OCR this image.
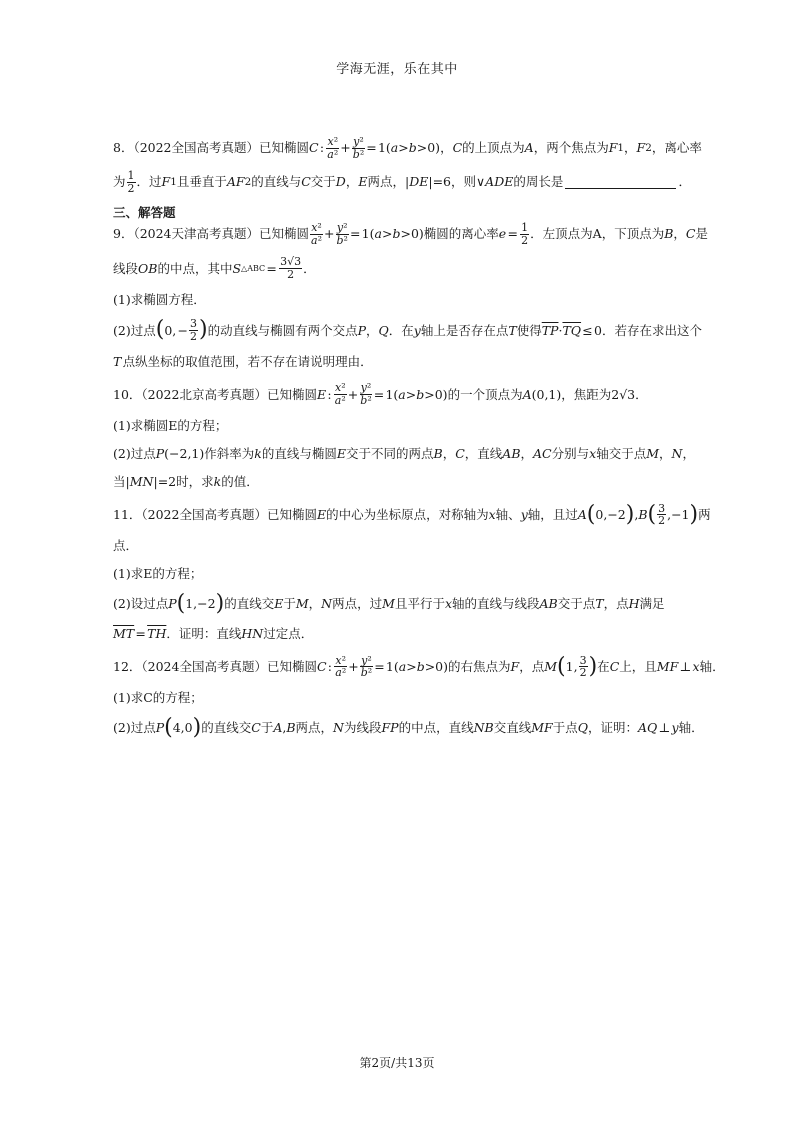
学海无涯，乐在其中
8．（2022全国高考真题）已知椭圆 C  :  $\frac{\text{x²}}{\text{a²}} + \frac{\text{y²}}{\text{b²}}$ = 1( a > b >0) ， C 的上顶点为 A ，两个焦点为 F 1 ， F 2 ，离心率
为 $\frac{1}{2}$ ．过 F 1 且垂直于 AF 2 的直线与 C 交于 D ， E 两点， | DE |=6 ，则 ∨ ADE 的周长是	．
三、解答题
9．（2024天津高考真题）已知椭圆 $\frac{\text{x²}}{\text{a²}} + \frac{\text{y²}}{\text{b²}}$ = 1( a > b >0) 椭圆的离心率 e  =  $\frac{1}{2}$ ．左顶点为A，下顶点为 B ， C 是
线段 OB 的中点，其中 S △ABC  =  $\frac{3√3}{2}$ ．
(1)求椭圆方程．
(2)过点 ( 0, − $\frac{3}{2}$ ) 的动直线与椭圆有两个交点 P ， Q ．在 y 轴上是否存在点 T 使得 $\overline{TP} \cdot \overline{TQ}$  ≤ 0 ．若存在求出这个
T
  点纵坐标的取值范围，若不存在请说明理由．
10．（2022北京高考真题）已知椭圆 E  :  $\frac{\text{x²}}{\text{a²}} + \frac{\text{y²}}{\text{b²}}$ = 1( a > b >0) 的一个顶点为 A (0,1) ，焦距为 2√3 ．
(1)求椭圆E的方程；
(2)过点 P (−2,1) 作斜率为 k 的直线与椭圆 E 交于不同的两点 B ， C ，直线 AB ， AC 分别与 x 轴交于点 M ， N ，
当 | MN |=2 时，求 k 的值．
11．（2022全国高考真题）已知椭圆 E 的中心为坐标原点，对称轴为 x 轴、 y 轴，且过 A ( 0,−2 ) , B ( $\frac{3}{2} ,-1$ ) 两
点．
(1)求E的方程；
(2)设过点 P ( 1,−2 ) 的直线交 E 于 M ， N 两点，过 M 且平行于 x 轴的直线与线段 AB 交于点 T ，点 H 满足
$\overline{MT}$  =  $\overline{TH}$ ．证明：直线 HN 过定点．
12．（2024全国高考真题）已知椭圆 C  :  $\frac{\text{x²}}{\text{a²}} + \frac{\text{y²}}{\text{b²}}$ = 1( a > b >0) 的右焦点为 F ，点 M ( 1, $\frac{3}{2}$ ) 在 C 上，且 MF  ⊥  x 轴．
(1)求C的方程；
(2)过点 P ( 4,0 ) 的直线交 C 于 A , B 两点， N 为线段 FP 的中点，直线 NB 交直线 MF 于点 Q ，证明： AQ  ⊥  y 轴．
第2页/共13页
